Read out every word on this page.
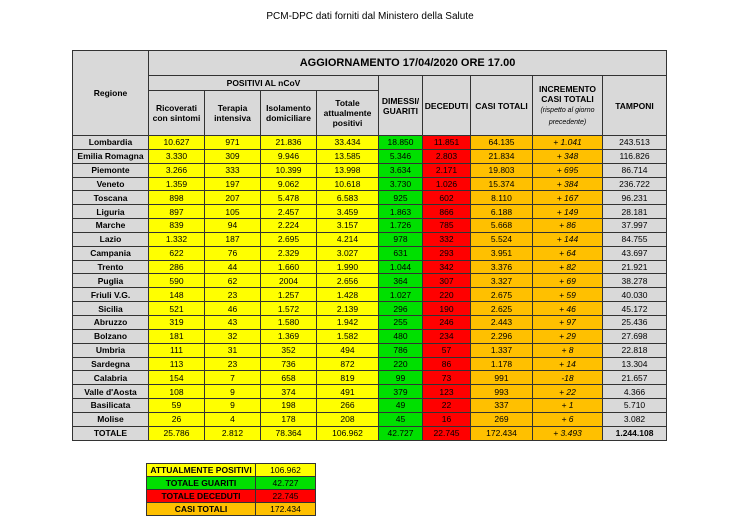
PCM-DPC dati forniti dal Ministero della Salute
Regione	AGGIORNAMENTO 17/04/2020 ORE 17.00								
	POSITIVI AL nCoV				DIMESSI/ GUARITI	DECEDUTI	CASI TOTALI	INCREMENTO CASI TOTALI
(rispetto al giorno precedente)	TAMPONI
	Ricoverati con sintomi	Terapia intensiva	Isolamento domiciliare	Totale attualmente positivi					
Lombardia	10.627	971	21.836	33.434	18.850	11.851	64.135	+ 1.041	243.513
Emilia Romagna	3.330	309	9.946	13.585	5.346	2.803	21.834	+ 348	116.826
Piemonte	3.266	333	10.399	13.998	3.634	2.171	19.803	+ 695	86.714
Veneto	1.359	197	9.062	10.618	3.730	1.026	15.374	+ 384	236.722
Toscana	898	207	5.478	6.583	925	602	8.110	+ 167	96.231
Liguria	897	105	2.457	3.459	1.863	866	6.188	+ 149	28.181
Marche	839	94	2.224	3.157	1.726	785	5.668	+ 86	37.997
Lazio	1.332	187	2.695	4.214	978	332	5.524	+ 144	84.755
Campania	622	76	2.329	3.027	631	293	3.951	+ 64	43.697
Trento	286	44	1.660	1.990	1.044	342	3.376	+ 82	21.921
Puglia	590	62	2004	2.656	364	307	3.327	+ 69	38.278
Friuli V.G.	148	23	1.257	1.428	1.027	220	2.675	+ 59	40.030
Sicilia	521	46	1.572	2.139	296	190	2.625	+ 46	45.172
Abruzzo	319	43	1.580	1.942	255	246	2.443	+ 97	25.436
Bolzano	181	32	1.369	1.582	480	234	2.296	+ 29	27.698
Umbria	111	31	352	494	786	57	1.337	+ 8	22.818
Sardegna	113	23	736	872	220	86	1.178	+ 14	13.304
Calabria	154	7	658	819	99	73	991	-18	21.657
Valle d'Aosta	108	9	374	491	379	123	993	+ 22	4.366
Basilicata	59	9	198	266	49	22	337	+ 1	5.710
Molise	26	4	178	208	45	16	269	+ 6	3.082
TOTALE	25.786	2.812	78.364	106.962	42.727	22.745	172.434	+ 3.493	1.244.108
ATTUALMENTE POSITIVI	106.962
TOTALE GUARITI	42.727
TOTALE DECEDUTI	22.745
CASI TOTALI	172.434
